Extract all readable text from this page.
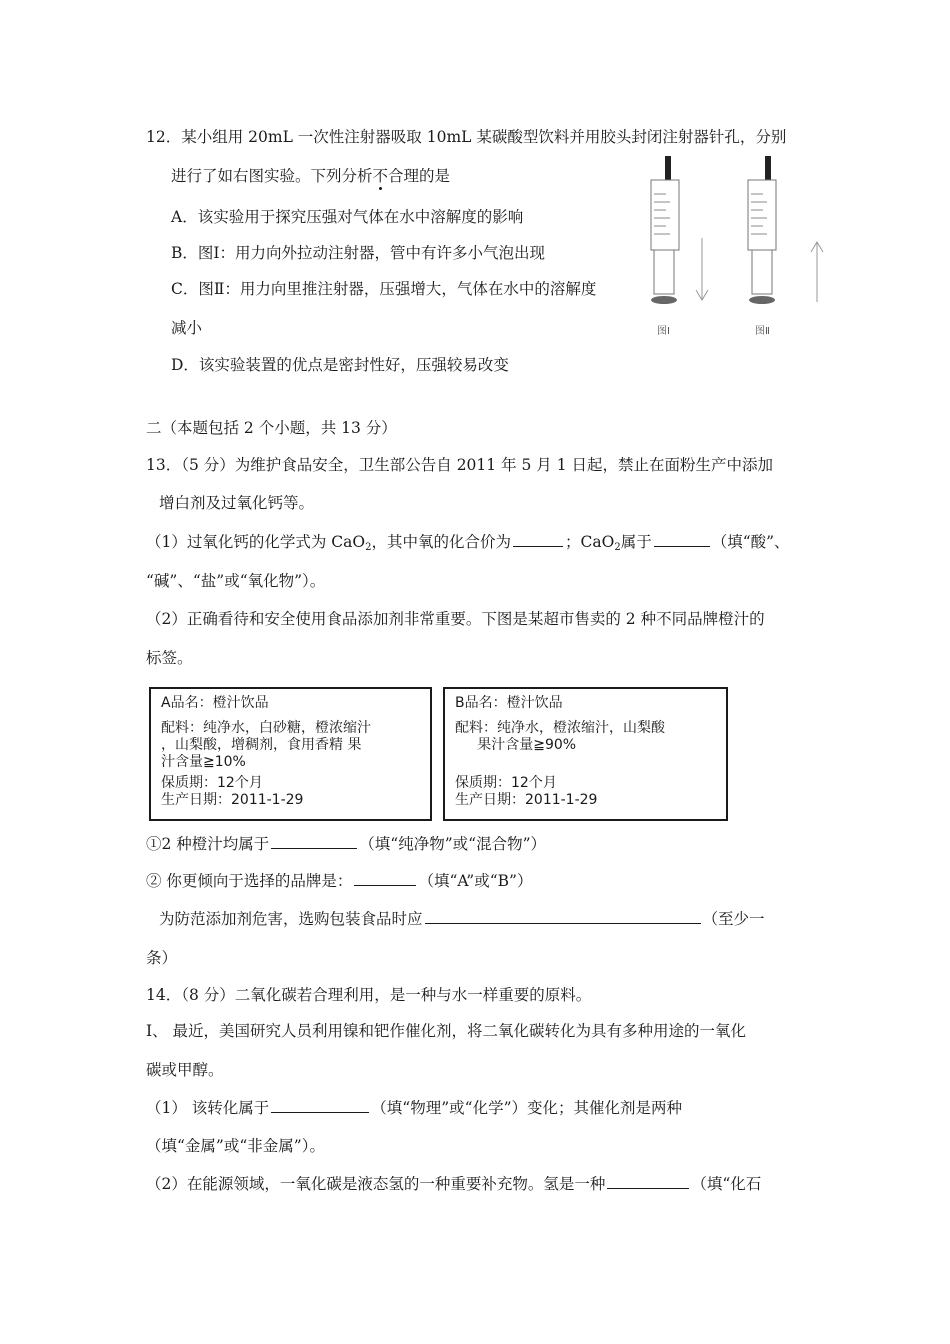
12．某小组用 20mL 一次性注射器吸取 10mL 某碳酸型饮料并用胶头封闭注射器针孔，分别
进行了如右图实验。下列分析不合理的是
A．该实验用于探究压强对气体在水中溶解度的影响
B．图Ⅰ：用力向外拉动注射器，管中有许多小气泡出现
C．图Ⅱ：用力向里推注射器，压强增大，气体在水中的溶解度
减小
D．该实验装置的优点是密封性好，压强较易改变
图Ⅰ	图Ⅱ
二（本题包括 2 个小题，共 13 分）
13．（5 分）为维护食品安全，卫生部公告自 2011 年 5 月 1 日起，禁止在面粉生产中添加
增白剂及过氧化钙等。
（1）过氧化钙的化学式为 CaO$_2$，其中氧的化合价为	；CaO$_2$属于	（填“酸”、
“碱”、“盐”或“氧化物”）。
（2）正确看待和安全使用食品添加剂非常重要。下图是某超市售卖的 2 种不同品牌橙汁的
标签。
A品名：橙汁饮品
配料：纯净水，白砂糖，橙浓缩汁
，山梨酸，增稠剂，食用香精 果
汁含量≧10%
保质期：12个月
生产日期：2011-1-29
B品名：橙汁饮品
配料：纯净水，橙浓缩汁，山梨酸
果汁含量≧90%
保质期：12个月
生产日期：2011-1-29
①2 种橙汁均属于	（填“纯净物”或“混合物”）
② 你更倾向于选择的品牌是：	（填“A”或“B”）
为防范添加剂危害，选购包装食品时应	（至少一
条）
14．（8 分）二氧化碳若合理利用，是一种与水一样重要的原料。
Ⅰ、 最近，美国研究人员利用镍和钯作催化剂，将二氧化碳转化为具有多种用途的一氧化
碳或甲醇。
（1） 该转化属于	（填“物理”或“化学”）变化；其催化剂是两种
（填“金属”或“非金属”）。
（2）在能源领域，一氧化碳是液态氢的一种重要补充物。氢是一种	（填“化石
